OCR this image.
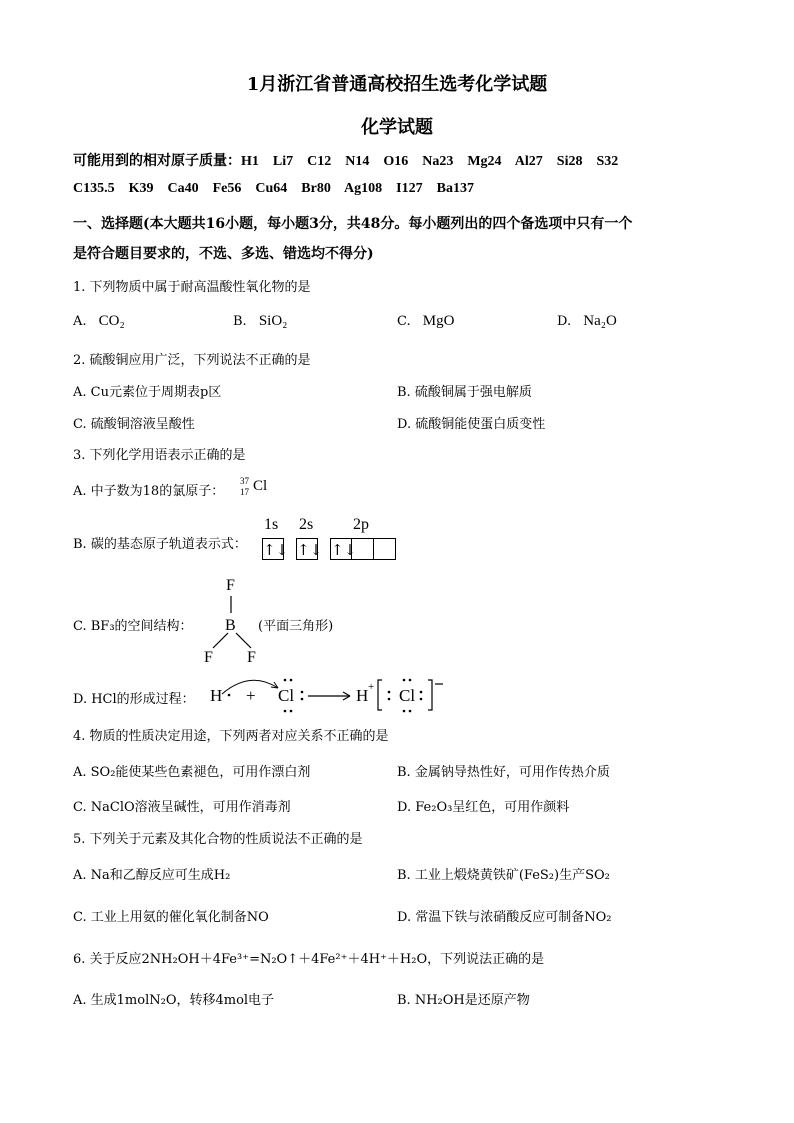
1月浙江省普通高校招生选考化学试题
化学试题
可能用到的相对原子质量：H1    Li7    C12    N14    O16    Na23    Mg24    Al27    Si28    S32
C135.5    K39    Ca40    Fe56    Cu64    Br80    Ag108    I127    Ba137
一、选择题(本大题共16小题，每小题3分，共48分。每小题列出的四个备选项中只有一个
是符合题目要求的，不选、多选、错选均不得分)
1. 下列物质中属于耐高温酸性氧化物的是
A. CO₂	B. SiO₂	C. MgO	D. Na₂O
2. 硫酸铜应用广泛，下列说法不正确的是
A. Cu元素位于周期表p区	B. 硫酸铜属于强电解质
C. 硫酸铜溶液呈酸性	D. 硫酸铜能使蛋白质变性
3. 下列化学用语表示正确的是
A. 中子数为18的氯原子：
37
17 Cl
B. 碳的基态原子轨道表示式：
1s 2s 2p
↑↓ ↑↓ ↑↓
C. BF₃的空间结构：
F
B
F F
(平面三角形)
D. HCl的形成过程： H + Cl	H Cl
+
4. 物质的性质决定用途，下列两者对应关系不正确的是
A. SO₂能使某些色素褪色，可用作漂白剂	B. 金属钠导热性好，可用作传热介质
C. NaClO溶液呈碱性，可用作消毒剂	D. Fe₂O₃呈红色，可用作颜料
5. 下列关于元素及其化合物的性质说法不正确的是
A. Na和乙醇反应可生成H₂	B. 工业上煅烧黄铁矿(FeS₂)生产SO₂
C. 工业上用氨的催化氧化制备NO	D. 常温下铁与浓硝酸反应可制备NO₂
6. 关于反应2NH₂OH＋4Fe³⁺=N₂O↑＋4Fe²⁺＋4H⁺＋H₂O，下列说法正确的是
A. 生成1molN₂O，转移4mol电子	B. NH₂OH是还原产物
